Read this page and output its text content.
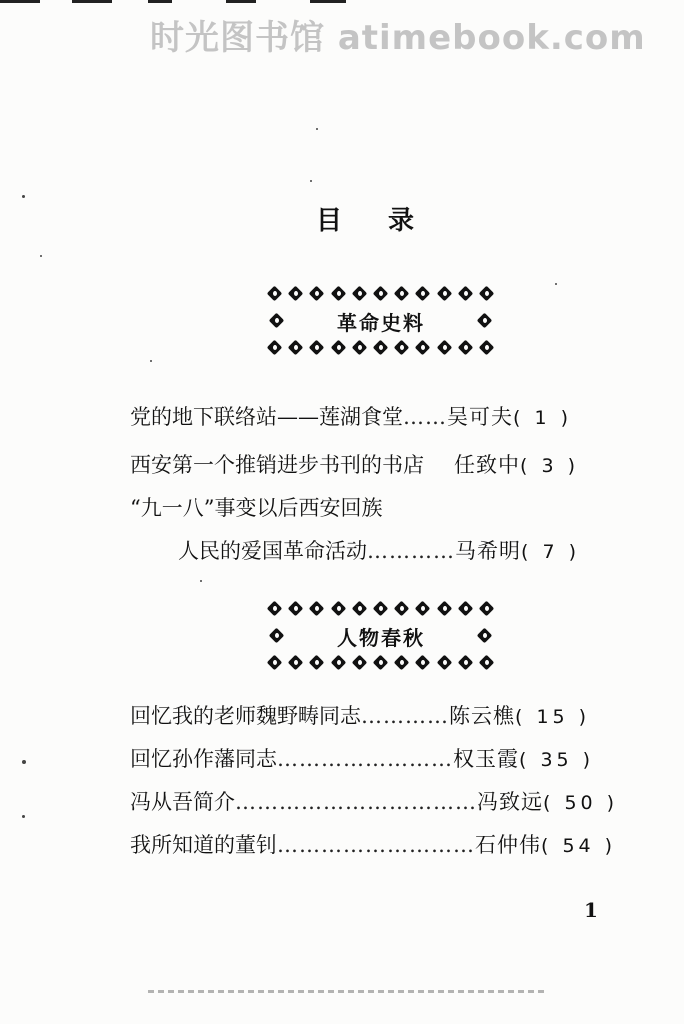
时光图书馆 atimebook.com
目录
革命史料
党的地下联络站——莲湖食堂 …… 吴可夫 ( 1 )
西安第一个推销进步书刊的书店 任致中 ( 3 )
“九一八”事变以后西安回族
人民的爱国革命活动 ………… 马希明 ( 7 )
人物春秋
回忆我的老师魏野畴同志 ………… 陈云樵 ( 15 )
回忆孙作藩同志 …………………… 权玉霞 ( 35 )
冯从吾简介 …………………………… 冯致远 ( 50 )
我所知道的董钊 ……………………… 石仲伟 ( 54 )
1
